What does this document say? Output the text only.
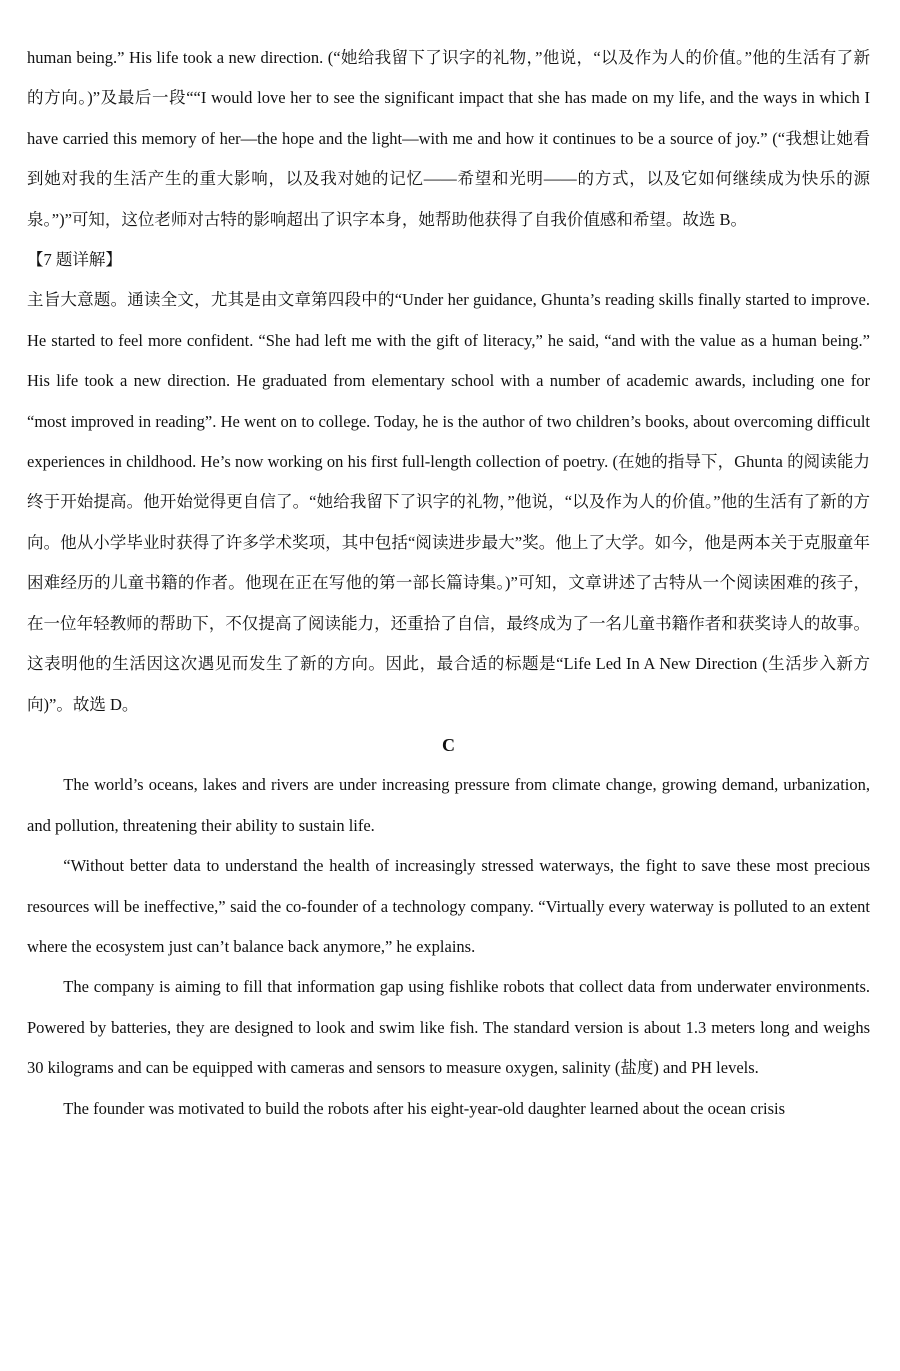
human being.” His life took a new direction. (“她给我留下了识字的礼物，”他说，“以及作为人的价值。”他的生活有了新的方向。)”及最后一段““I would love her to see the significant impact that she has made on my life, and the ways in which I have carried this memory of her—the hope and the light—with me and how it continues to be a source of joy.” (“我想让她看到她对我的生活产生的重大影响，以及我对她的记忆——希望和光明——的方式，以及它如何继续成为快乐的源泉。”)”可知，这位老师对古特的影响超出了识字本身，她帮助他获得了自我价值感和希望。故选 B。

【7 题详解】

主旨大意题。通读全文，尤其是由文章第四段中的“Under her guidance, Ghunta’s reading skills finally started to improve. He started to feel more confident. “She had left me with the gift of literacy,” he said, “and with the value as a human being.” His life took a new direction. He graduated from elementary school with a number of academic awards, including one for “most improved in reading”. He went on to college. Today, he is the author of two children’s books, about overcoming difficult experiences in childhood. He’s now working on his first full-length collection of poetry. (在她的指导下，Ghunta 的阅读能力终于开始提高。他开始觉得更自信了。“她给我留下了识字的礼物，”他说，“以及作为人的价值。”他的生活有了新的方向。他从小学毕业时获得了许多学术奖项，其中包括“阅读进步最大”奖。他上了大学。如今，他是两本关于克服童年困难经历的儿童书籍的作者。他现在正在写他的第一部长篇诗集。)”可知，文章讲述了古特从一个阅读困难的孩子，在一位年轻教师的帮助下，不仅提高了阅读能力，还重拾了自信，最终成为了一名儿童书籍作者和获奖诗人的故事。这表明他的生活因这次遇见而发生了新的方向。因此，最合适的标题是“Life Led In A New Direction (生活步入新方向)”。故选 D。

C

The world’s oceans, lakes and rivers are under increasing pressure from climate change, growing demand, urbanization, and pollution, threatening their ability to sustain life.

“Without better data to understand the health of increasingly stressed waterways, the fight to save these most precious resources will be ineffective,” said the co-founder of a technology company. “Virtually every waterway is polluted to an extent where the ecosystem just can’t balance back anymore,” he explains.

The company is aiming to fill that information gap using fishlike robots that collect data from underwater environments. Powered by batteries, they are designed to look and swim like fish. The standard version is about 1.3 meters long and weighs 30 kilograms and can be equipped with cameras and sensors to measure oxygen, salinity (盐度) and PH levels.

The founder was motivated to build the robots after his eight-year-old daughter learned about the ocean crisis
